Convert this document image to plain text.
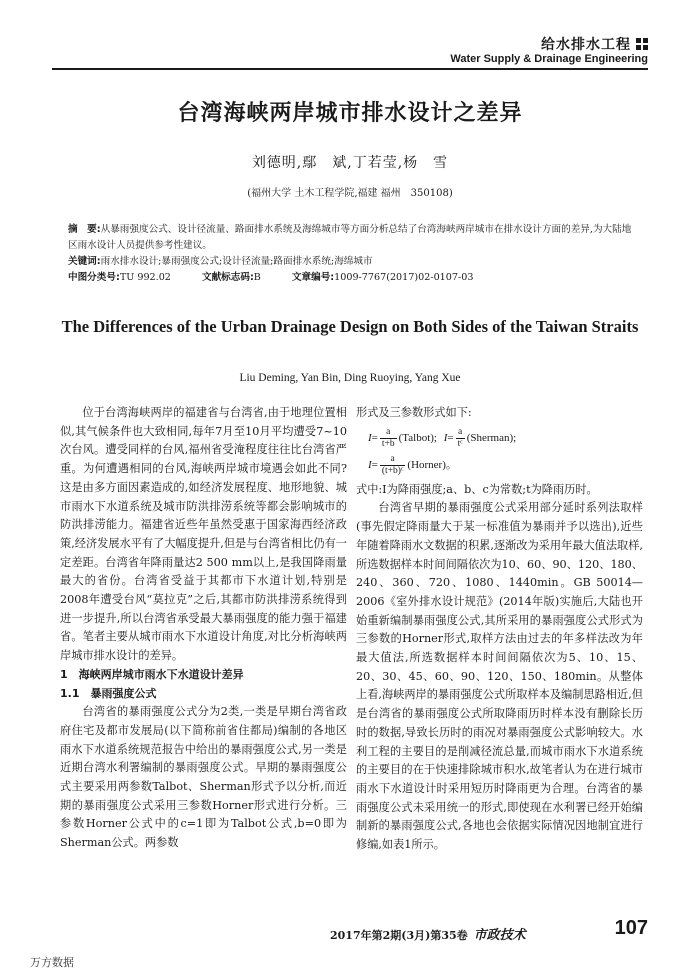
给水排水工程
Water Supply & Drainage Engineering
台湾海峡两岸城市排水设计之差异
刘德明,鄢　斌,丁若莹,杨　雪
(福州大学 土木工程学院,福建 福州　350108)
摘　要:从暴雨强度公式、设计径流量、路面排水系统及海绵城市等方面分析总结了台湾海峡两岸城市在排水设计方面的差异,为大陆地区雨水设计人员提供参考性建议。
关键词:雨水排水设计;暴雨强度公式;设计径流量;路面排水系统;海绵城市
中图分类号:TU 992.02	文献标志码:B	文章编号:1009-7767(2017)02-0107-03
The Differences of the Urban Drainage Design on Both Sides of the Taiwan Straits
Liu Deming, Yan Bin, Ding Ruoying, Yang Xue

位于台湾海峡两岸的福建省与台湾省,由于地理位置相似,其气候条件也大致相同,每年7月至10月平均遭受7~10次台风。遭受同样的台风,福州省受淹程度往往比台湾省严重。为何遭遇相同的台风,海峡两岸城市境遇会如此不同?这是由多方面因素造成的,如经济发展程度、地形地貌、城市雨水下水道系统及城市防洪排涝系统等都会影响城市的防洪排涝能力。福建省近些年虽然受惠于国家海西经济政策,经济发展水平有了大幅度提升,但是与台湾省相比仍有一定差距。台湾省年降雨量达2 500 mm以上,是我国降雨量最大的省份。台湾省受益于其都市下水道计划,特别是2008年遭受台风“莫拉克”之后,其都市防洪排涝系统得到进一步提升,所以台湾省承受最大暴雨强度的能力强于福建省。笔者主要从城市雨水下水道设计角度,对比分析海峡两岸城市排水设计的差异。

1　海峡两岸城市雨水下水道设计差异

1.1　暴雨强度公式

台湾省的暴雨强度公式分为2类,一类是早期台湾省政府住宅及都市发展局(以下简称前省住都局)编制的各地区雨水下水道系统规范报告中给出的暴雨强度公式,另一类是近期台湾水利署编制的暴雨强度公式。早期的暴雨强度公式主要采用两参数Talbot、Sherman形式予以分析,而近期的暴雨强度公式采用三参数Horner形式进行分析。三参数Horner公式中的c=1即为Talbot公式,b=0即为Sherman公式。两参数

形式及三参数形式如下:

$I= \frac{a}{t+b}$ (Talbot); $I= \frac{a}{\text{tᶜ}}$ (Sherman);
$I= \frac{a}{\text{(t+b)ᶜ}}$ (Horner)。

式中:I为降雨强度;a、b、c为常数;t为降雨历时。

台湾省早期的暴雨强度公式采用部分延时系列法取样(事先假定降雨量大于某一标准值为暴雨并予以选出),近些年随着降雨水文数据的积累,逐渐改为采用年最大值法取样,所选数据样本时间间隔依次为10、60、90、120、180、240、360、720、1080、1440min。GB 50014—2006《室外排水设计规范》(2014年版)实施后,大陆也开始重新编制暴雨强度公式,其所采用的暴雨强度公式形式为三参数的Horner形式,取样方法由过去的年多样法改为年最大值法,所选数据样本时间间隔依次为5、10、15、20、30、45、60、90、120、150、180min。从整体上看,海峡两岸的暴雨强度公式所取样本及编制思路相近,但是台湾省的暴雨强度公式所取降雨历时样本没有删除长历时的数据,导致长历时的雨况对暴雨强度公式影响较大。水利工程的主要目的是削减径流总量,而城市雨水下水道系统的主要目的在于快速排除城市积水,故笔者认为在进行城市雨水下水道设计时采用短历时降雨更为合理。台湾省的暴雨强度公式未采用统一的形式,即使现在水利署已经开始编制新的暴雨强度公式,各地也会依据实际情况因地制宜进行修编,如表1所示。

2017年第2期(3月)第35卷 市政技术	107
万方数据
